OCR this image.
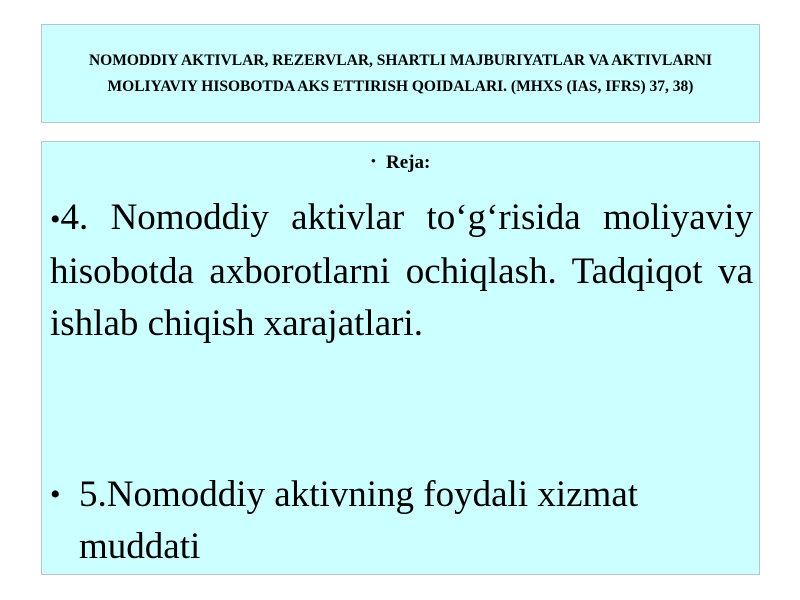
NOMODDIY AKTIVLAR, REZERVLAR, SHARTLI MAJBURIYATLAR VA AKTIVLARNI MOLIYAVIY HISOBOTDA AKS ETTIRISH QOIDALARI. (MHXS (IAS, IFRS) 37, 38)
• Reja:
•4. Nomoddiy aktivlar to‘g‘risida moliyaviy hisobotda axborotlarni ochiqlash. Tadqiqot va ishlab chiqish xarajatlari.
• 5.Nomoddiy aktivning foydali xizmat muddati
